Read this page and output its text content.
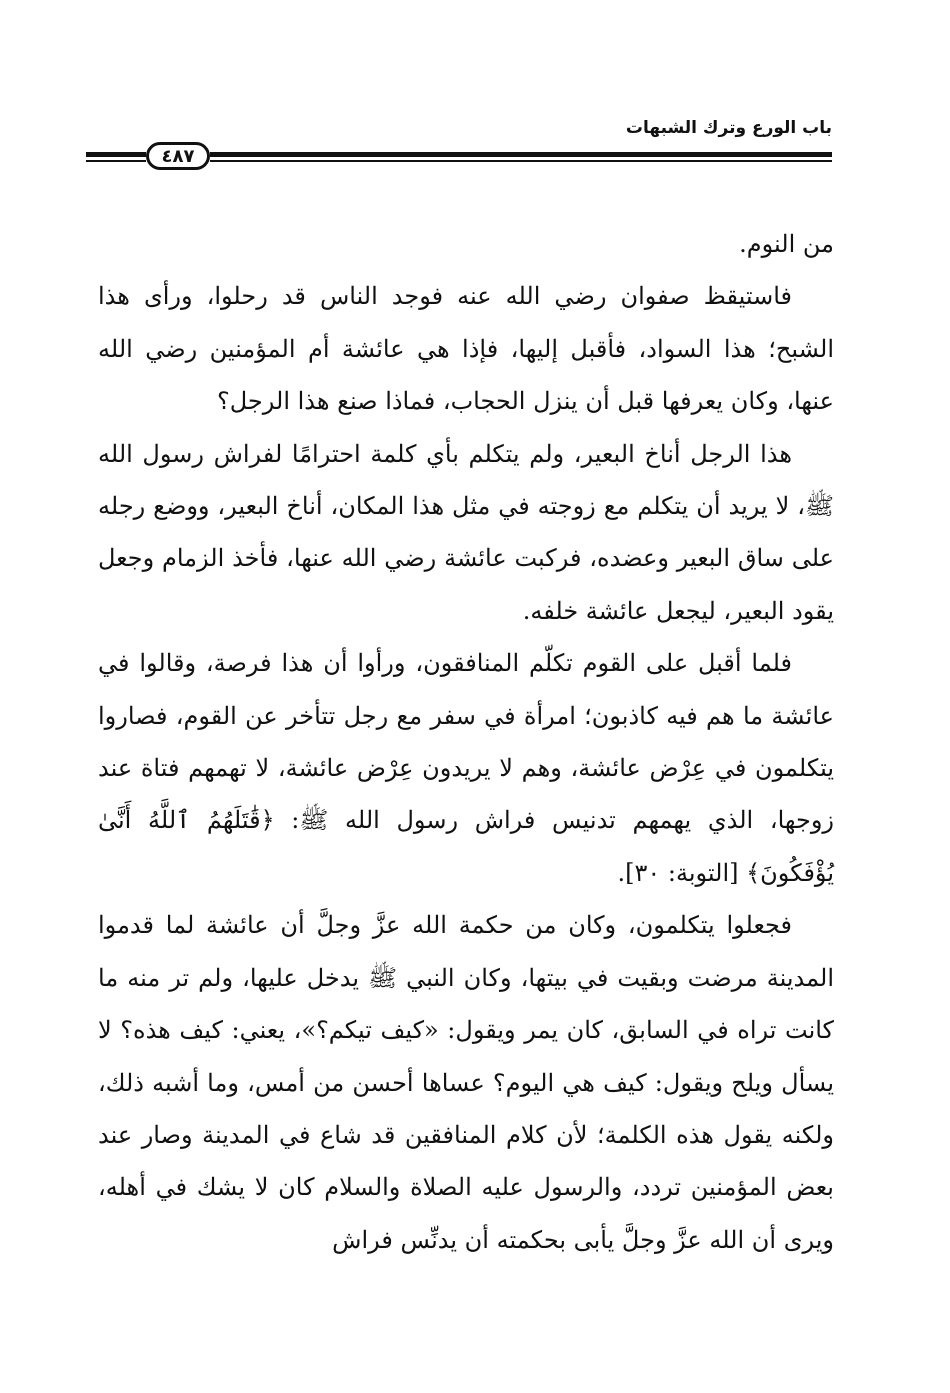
باب الورع وترك الشبهات
٤٨٧

من النوم.

فاستيقظ صفوان رضي الله عنه فوجد الناس قد رحلوا، ورأى هذا الشبح؛ هذا السواد، فأقبل إليها، فإذا هي عائشة أم المؤمنين رضي الله عنها، وكان يعرفها قبل أن ينزل الحجاب، فماذا صنع هذا الرجل؟

هذا الرجل أناخ البعير، ولم يتكلم بأي كلمة احترامًا لفراش رسول الله ﷺ، لا يريد أن يتكلم مع زوجته في مثل هذا المكان، أناخ البعير، ووضع رجله على ساق البعير وعضده، فركبت عائشة رضي الله عنها، فأخذ الزمام وجعل يقود البعير، ليجعل عائشة خلفه.

فلما أقبل على القوم تكلّم المنافقون، ورأوا أن هذا فرصة، وقالوا في عائشة ما هم فيه كاذبون؛ امرأة في سفر مع رجل تتأخر عن القوم، فصاروا يتكلمون في عِرْض عائشة، وهم لا يريدون عِرْض عائشة، لا تهمهم فتاة عند زوجها، الذي يهمهم تدنيس فراش رسول الله ﷺ: ﴿قَٰتَلَهُمُ ٱللَّهُ أَنَّىٰ يُؤْفَكُونَ﴾ [التوبة: ٣٠].

فجعلوا يتكلمون، وكان من حكمة الله عزَّ وجلَّ أن عائشة لما قدموا المدينة مرضت وبقيت في بيتها، وكان النبي ﷺ يدخل عليها، ولم تر منه ما كانت تراه في السابق، كان يمر ويقول: «كيف تيكم؟»، يعني: كيف هذه؟ لا يسأل ويلح ويقول: كيف هي اليوم؟ عساها أحسن من أمس، وما أشبه ذلك، ولكنه يقول هذه الكلمة؛ لأن كلام المنافقين قد شاع في المدينة وصار عند بعض المؤمنين تردد، والرسول عليه الصلاة والسلام كان لا يشك في أهله، ويرى أن الله عزَّ وجلَّ يأبى بحكمته أن يدنِّس فراش
